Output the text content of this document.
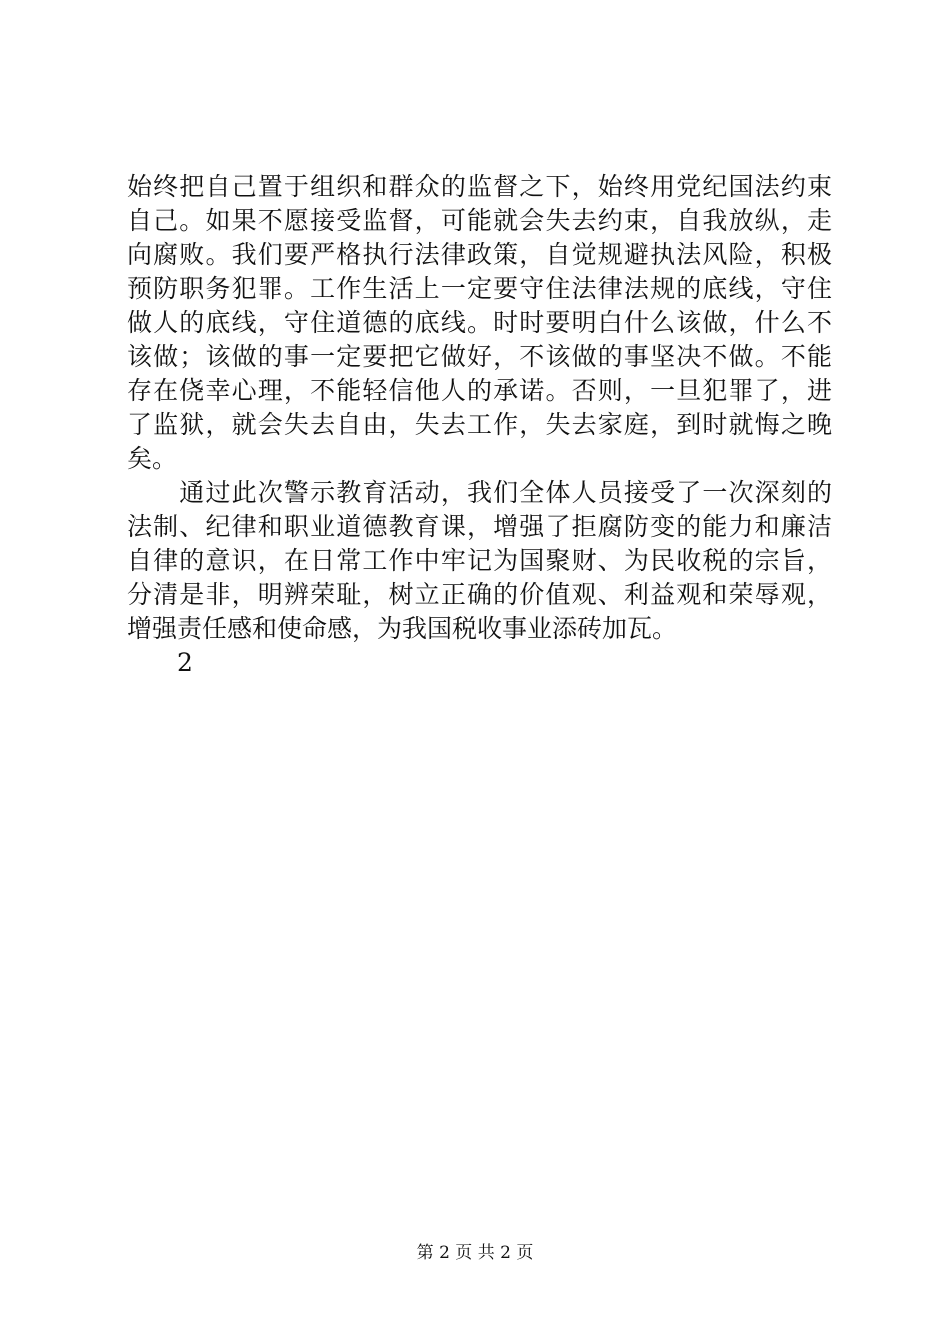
始终把自己置于组织和群众的监督之下，始终用党纪国法约束
自己。如果不愿接受监督，可能就会失去约束，自我放纵，走
向腐败。我们要严格执行法律政策，自觉规避执法风险，积极
预防职务犯罪。工作生活上一定要守住法律法规的底线，守住
做人的底线，守住道德的底线。时时要明白什么该做，什么不
该做；该做的事一定要把它做好，不该做的事坚决不做。不能
存在侥幸心理，不能轻信他人的承诺。否则，一旦犯罪了，进
了监狱，就会失去自由，失去工作，失去家庭，到时就悔之晚
矣。
　　通过此次警示教育活动，我们全体人员接受了一次深刻的
法制、纪律和职业道德教育课，增强了拒腐防变的能力和廉洁
自律的意识，在日常工作中牢记为国聚财、为民收税的宗旨，
分清是非，明辨荣耻，树立正确的价值观、利益观和荣辱观，
增强责任感和使命感，为我国税收事业添砖加瓦。
2
第 2 页 共 2 页
